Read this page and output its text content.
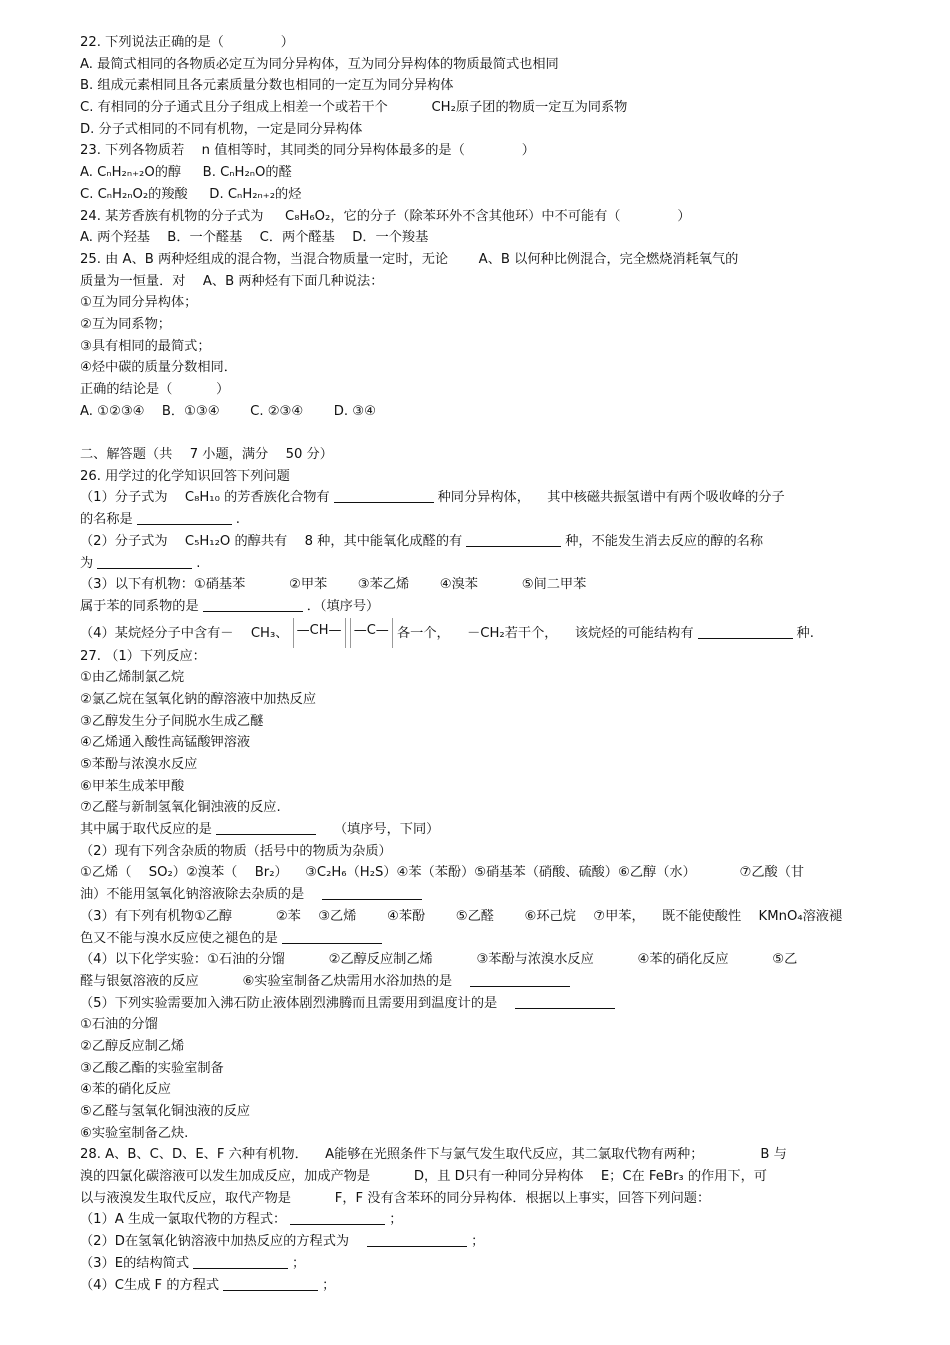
22. 下列说法正确的是（ 　　　　）
A. 最简式相同的各物质必定互为同分异构体，互为同分异构体的物质最简式也相同
B. 组成元素相同且各元素质量分数也相同的一定互为同分异构体
C. 有相同的分子通式且分子组成上相差一个或若干个 　　　CH₂原子团的物质一定互为同系物
D. 分子式相同的不同有机物，一定是同分异构体
23. 下列各物质若 　n 值相等时，其同类的同分异构体最多的是（ 　　　　）
A. CₙH₂ₙ₊₂O的醇 　 B. CₙH₂ₙO的醛
C. CₙH₂ₙO₂的羧酸 　 D. CₙH₂ₙ₊₂的烃
24. 某芳香族有机物的分子式为 　 C₈H₆O₂，它的分子（除苯环外不含其他环）中不可能有（ 　　　　）
A. 两个羟基 　B．一个醛基 　C．两个醛基 　D．一个羧基
25. 由 A、B 两种烃组成的混合物，当混合物质量一定时，无论 　　A、B 以何种比例混合，完全燃烧消耗氧气的
质量为一恒量．对 　A、B 两种烃有下面几种说法：
①互为同分异构体；
②互为同系物；
③具有相同的最简式；
④烃中碳的质量分数相同．
正确的结论是（ 　　　）
A. ①②③④ 　B．①③④ 　　C. ②③④ 　　D. ③④
二、解答题（共 　7 小题，满分 　50 分）
26. 用学过的化学知识回答下列问题
（1）分子式为 　C₈H₁₀ 的芳香族化合物有	种同分异构体， 　其中核磁共振氢谱中有两个吸收峰的分子
的名称是	.
（2）分子式为 　C₅H₁₂O 的醇共有 　8 种，其中能氧化成醛的有	种，不能发生消去反应的醇的名称
为	.
（3）以下有机物：①硝基苯 　　　②甲苯 　　③苯乙烯 　　④溴苯 　　　⑤间二甲苯
属于苯的同系物的是	．（填序号）
（4）某烷烃分子中含有－ 　CH₃、 —CH— —C— 各一个， 　－CH₂若干个， 　该烷烃的可能结构有	种.
27. （1）下列反应：
①由乙烯制氯乙烷
②氯乙烷在氢氧化钠的醇溶液中加热反应
③乙醇发生分子间脱水生成乙醚
④乙烯通入酸性高锰酸钾溶液
⑤苯酚与浓溴水反应
⑥甲苯生成苯甲酸
⑦乙醛与新制氢氧化铜浊液的反应.
其中属于取代反应的是	（填序号，下同）
（2）现有下列含杂质的物质（括号中的物质为杂质）
①乙烯（ 　SO₂）②溴苯（ 　Br₂） 　③C₂H₆（H₂S）④苯（苯酚）⑤硝基苯（硝酸、硫酸）⑥乙醇（水） 　　　⑦乙酸（甘
油）不能用氢氧化钠溶液除去杂质的是
（3）有下列有机物①乙醇 　　　②苯 　③乙烯 　　④苯酚 　　⑤乙醛 　　⑥环己烷 　⑦甲苯， 　既不能使酸性 　KMnO₄溶液褪
色又不能与溴水反应使之褪色的是
（4）以下化学实验：①石油的分馏 　　　②乙醇反应制乙烯 　　　③苯酚与浓溴水反应 　　　④苯的硝化反应 　　　⑤乙
醛与银氨溶液的反应 　　　⑥实验室制备乙炔需用水浴加热的是
（5）下列实验需要加入沸石防止液体剧烈沸腾而且需要用到温度计的是
①石油的分馏
②乙醇反应制乙烯
③乙酸乙酯的实验室制备
④苯的硝化反应
⑤乙醛与氢氧化铜浊液的反应
⑥实验室制备乙炔.
28. A、B、C、D、E、F 六种有机物． 　A能够在光照条件下与氯气发生取代反应，其二氯取代物有两种； 　　　　B 与
溴的四氯化碳溶液可以发生加成反应，加成产物是 　　　D，且 D只有一种同分异构体 　E；C在 FeBr₃ 的作用下，可
以与液溴发生取代反应，取代产物是 　　　F，F 没有含苯环的同分异构体．根据以上事实，回答下列问题：
（1）A 生成一氯取代物的方程式：	；
（2）D在氢氧化钠溶液中加热反应的方程式为	；
（3）E的结构简式	；
（4）C生成 F 的方程式	；
